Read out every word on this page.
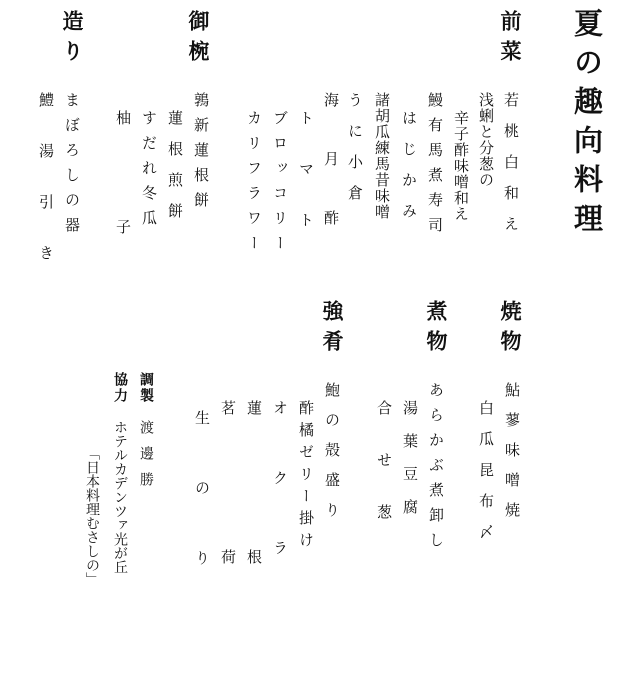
夏の趣向料理
前菜
若桃白和え
浅蜊と分葱の
辛子酢味噌和え
鰻有馬煮寿司
はじかみ
諸胡瓜練馬昔味噌
うに小倉
海月酢
トマト
ブロッコリー
カリフラワー
御椀
鶉新蓮根餅
蓮根煎餅
すだれ冬瓜
柚子
造り
まぼろしの器
鱧湯引き
焼物
鮎蓼味噌焼
白瓜昆布〆
煮物
あらかぶ煮卸し
湯葉豆腐
合せ葱
強肴
鮑の殻盛り
酢橘ゼリー掛け
オクラ
蓮根
茗荷
生のり
調製
渡邊勝
協力
ホテルカデンツァ光が丘
「日本料理むさしの」
